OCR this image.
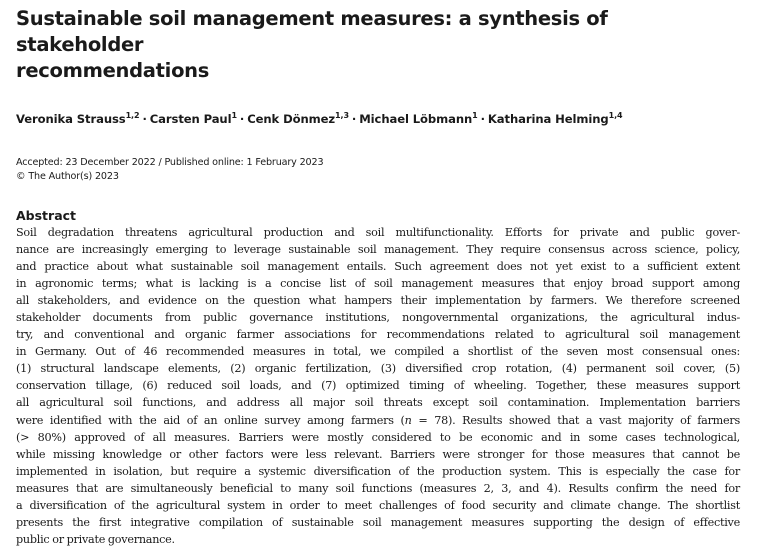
Sustainable soil management measures: a synthesis of stakeholder
recommendations
Veronika Strauss$^{1,2}$ · Carsten Paul$^1$ · Cenk Dönmez$^{1,3}$ · Michael Löbmann$^1$ · Katharina Helming$^{1,4}$
Accepted: 23 December 2022 / Published online: 1 February 2023
© The Author(s) 2023
Abstract
Soil degradation threatens agricultural production and soil multifunctionality. Efforts for private and public gover-
nance are increasingly emerging to leverage sustainable soil management. They require consensus across science, policy,
and practice about what sustainable soil management entails. Such agreement does not yet exist to a sufficient extent
in agronomic terms; what is lacking is a concise list of soil management measures that enjoy broad support among
all stakeholders, and evidence on the question what hampers their implementation by farmers. We therefore screened
stakeholder documents from public governance institutions, nongovernmental organizations, the agricultural indus-
try, and conventional and organic farmer associations for recommendations related to agricultural soil management
in Germany. Out of 46 recommended measures in total, we compiled a shortlist of the seven most consensual ones:
(1) structural landscape elements, (2) organic fertilization, (3) diversified crop rotation, (4) permanent soil cover, (5)
conservation tillage, (6) reduced soil loads, and (7) optimized timing of wheeling. Together, these measures support
all agricultural soil functions, and address all major soil threats except soil contamination. Implementation barriers
were identified with the aid of an online survey among farmers (n = 78). Results showed that a vast majority of farmers
(> 80%) approved of all measures. Barriers were mostly considered to be economic and in some cases technological,
while missing knowledge or other factors were less relevant. Barriers were stronger for those measures that cannot be
implemented in isolation, but require a systemic diversification of the production system. This is especially the case for
measures that are simultaneously beneficial to many soil functions (measures 2, 3, and 4). Results confirm the need for
a diversification of the agricultural system in order to meet challenges of food security and climate change. The shortlist
presents the first integrative compilation of sustainable soil management measures supporting the design of effective
public or private governance.
